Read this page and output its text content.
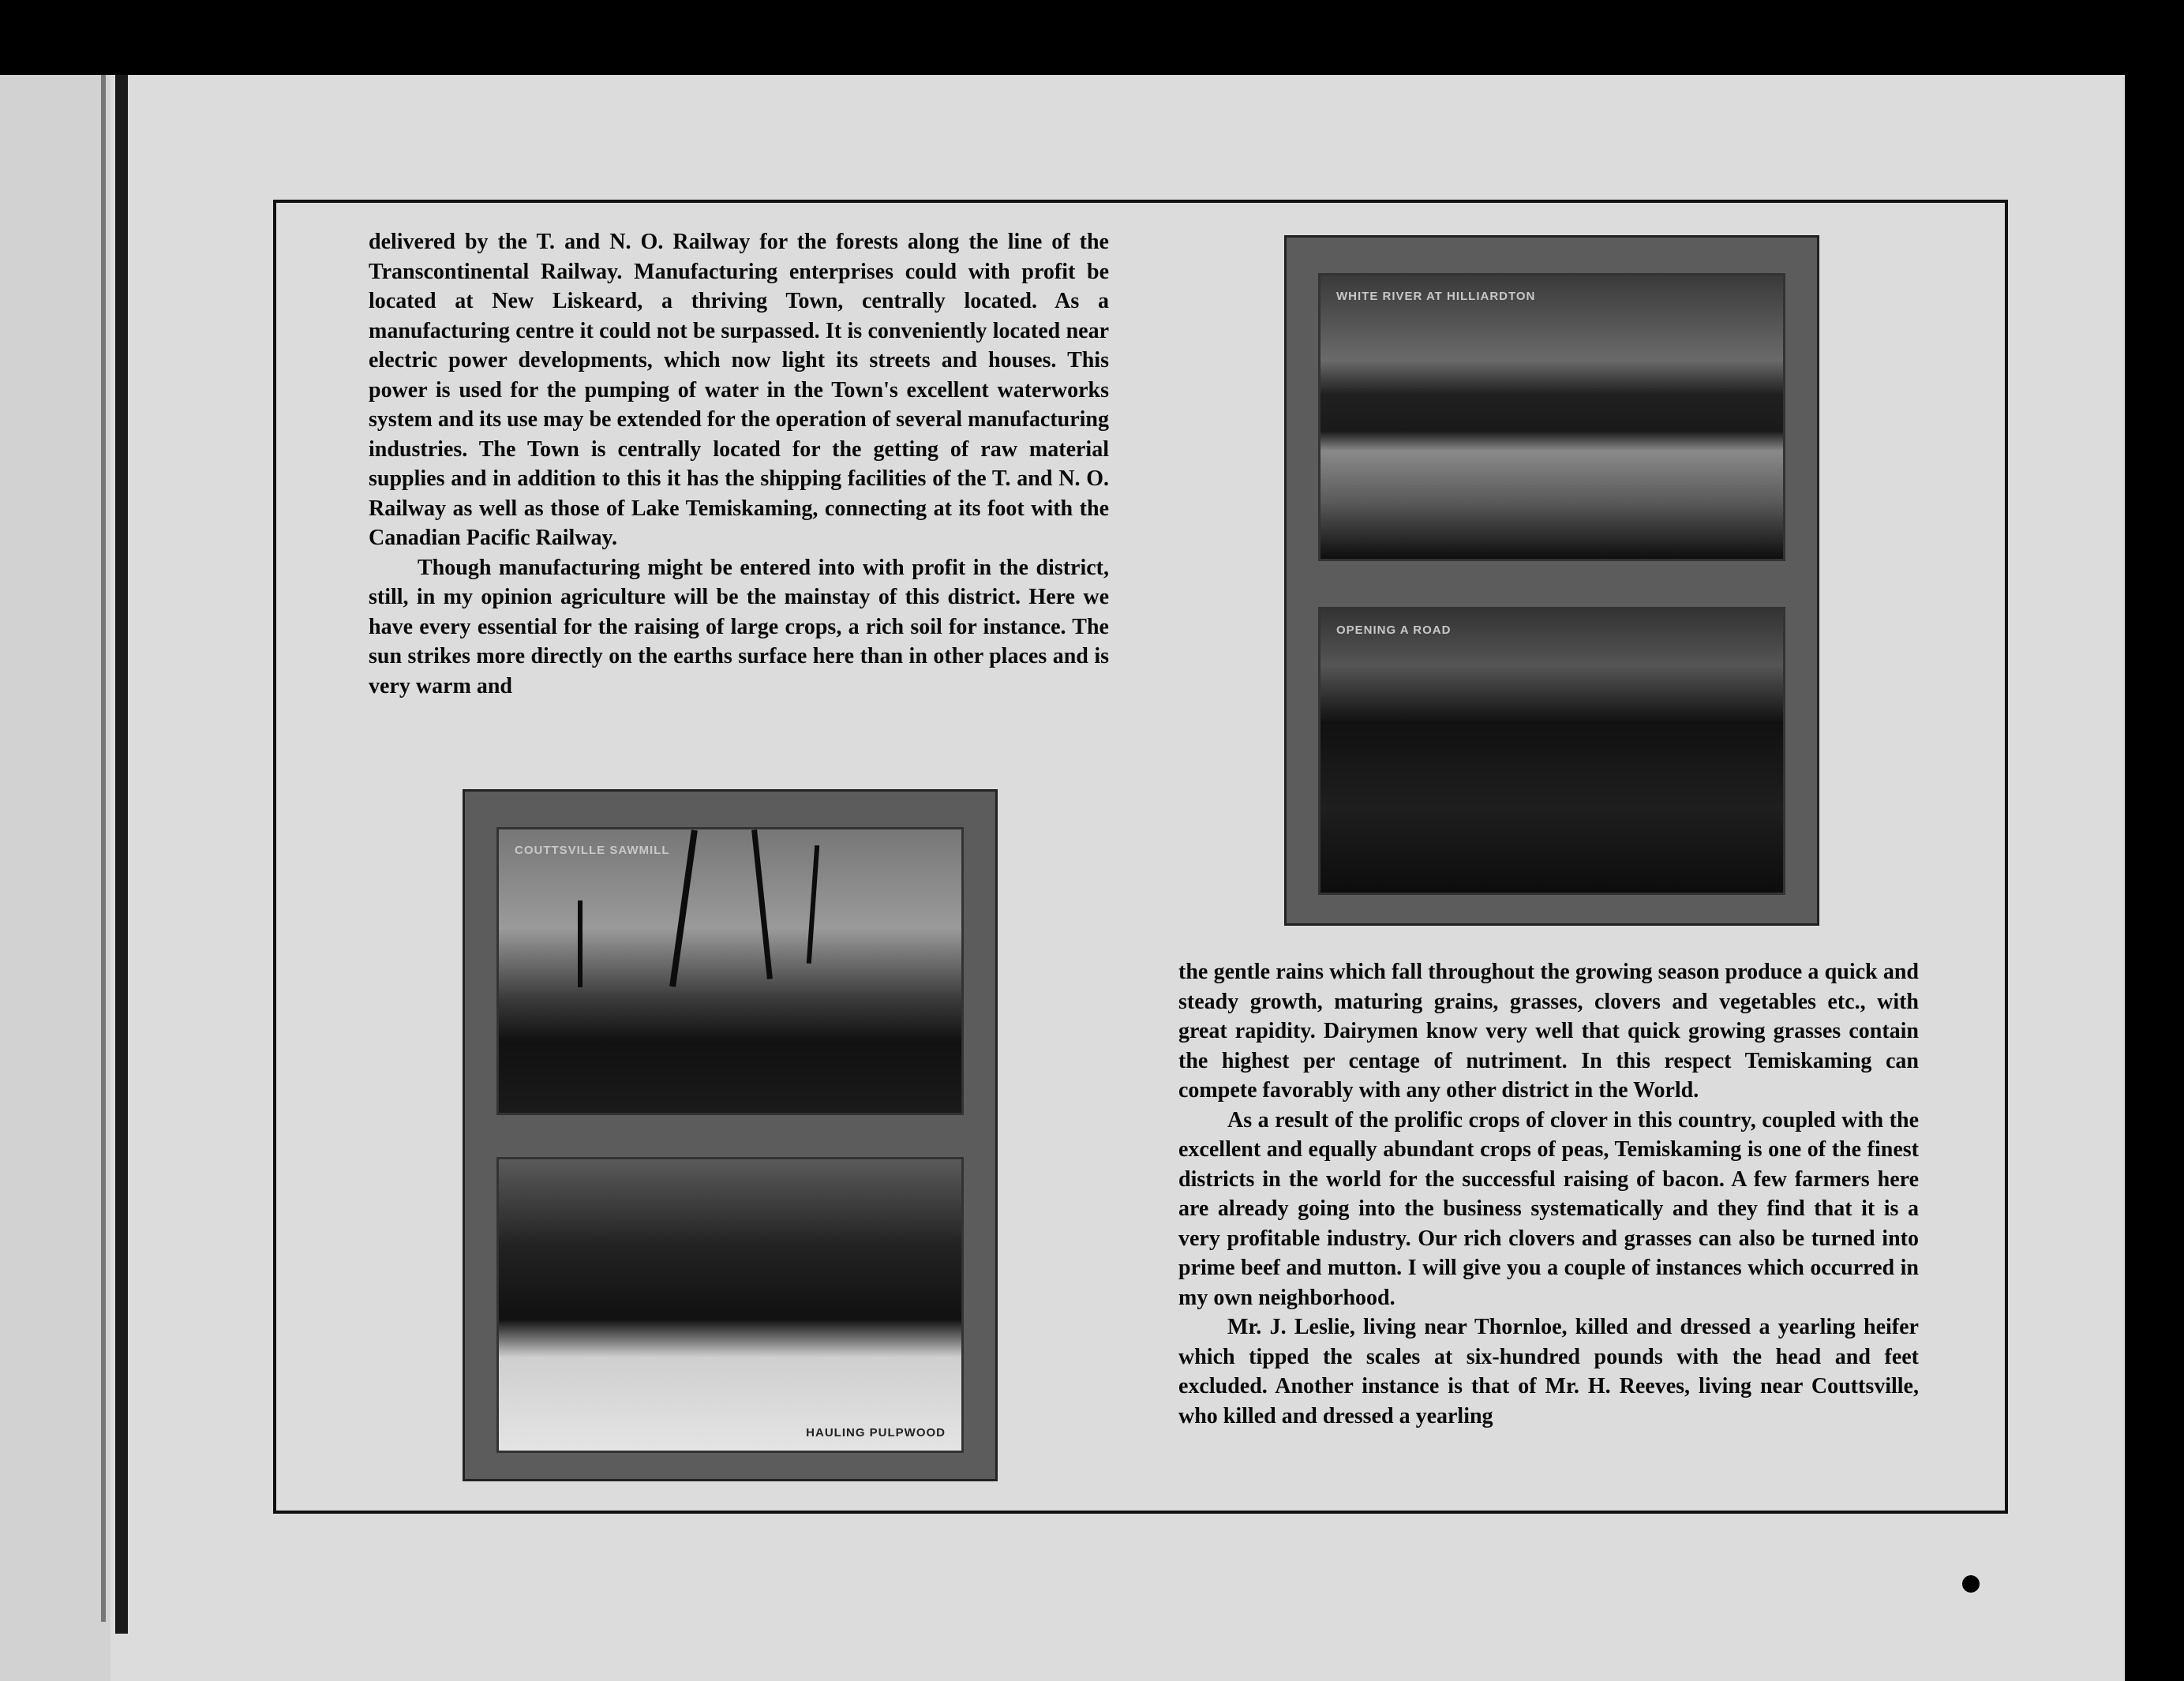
delivered by the T. and N. O. Railway for the forests along the line of the Transcontinental Railway. Manufacturing enterprises could with profit be located at New Liskeard, a thriving Town, centrally located. As a manufacturing centre it could not be surpassed. It is conveniently located near electric power developments, which now light its streets and houses. This power is used for the pumping of water in the Town's excellent waterworks system and its use may be extended for the operation of several manufacturing industries. The Town is centrally located for the getting of raw material supplies and in addition to this it has the shipping facilities of the T. and N. O. Railway as well as those of Lake Temiskaming, connecting at its foot with the Canadian Pacific Railway.

Though manufacturing might be entered into with profit in the district, still, in my opinion agriculture will be the mainstay of this district. Here we have every essential for the raising of large crops, a rich soil for instance. The sun strikes more directly on the earths surface here than in other places and is very warm and

WHITE RIVER AT HILLIARDTON
OPENING A ROAD
COUTTSVILLE SAWMILL
HAULING PULPWOOD

the gentle rains which fall throughout the growing season produce a quick and steady growth, maturing grains, grasses, clovers and vegetables etc., with great rapidity. Dairymen know very well that quick growing grasses contain the highest per centage of nutriment. In this respect Temiskaming can compete favorably with any other district in the World.

As a result of the prolific crops of clover in this country, coupled with the excellent and equally abundant crops of peas, Temiskaming is one of the finest districts in the world for the successful raising of bacon. A few farmers here are already going into the business systematically and they find that it is a very profitable industry. Our rich clovers and grasses can also be turned into prime beef and mutton. I will give you a couple of instances which occurred in my own neighborhood.

Mr. J. Leslie, living near Thornloe, killed and dressed a yearling heifer which tipped the scales at six-hundred pounds with the head and feet excluded. Another instance is that of Mr. H. Reeves, living near Couttsville, who killed and dressed a yearling
